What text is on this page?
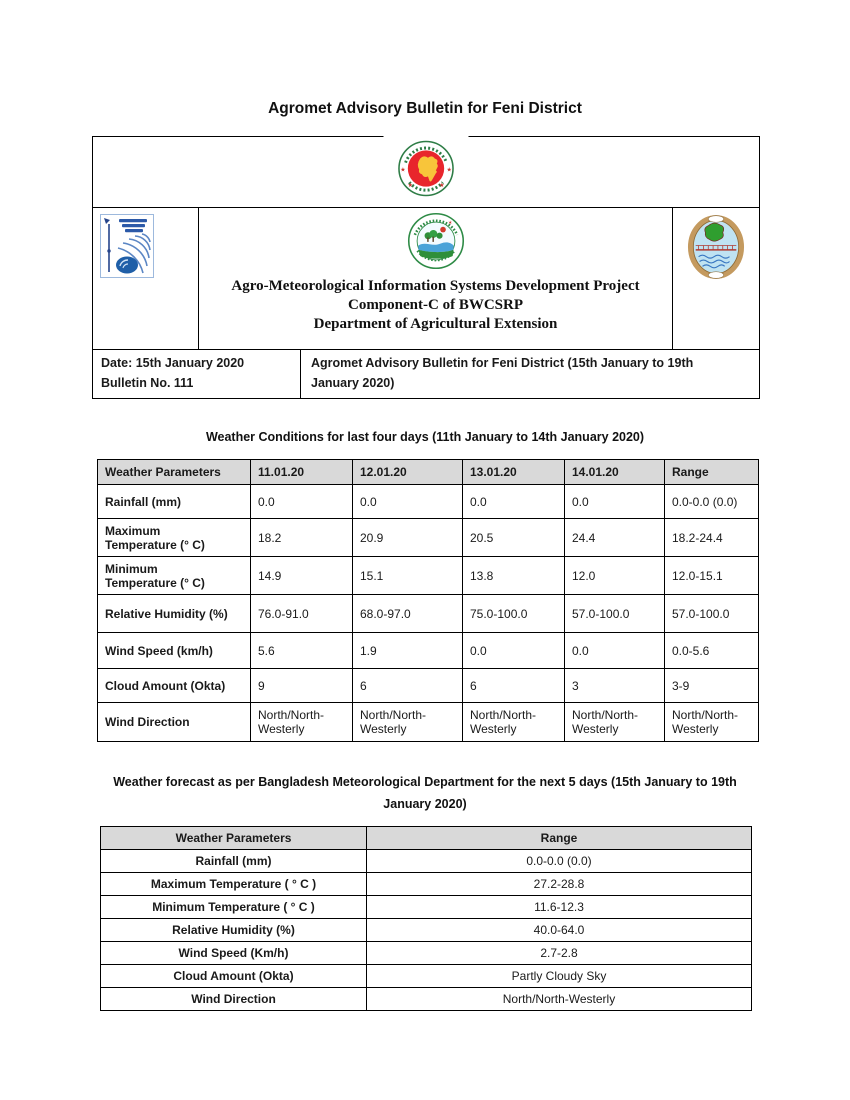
Agromet Advisory Bulletin for Feni District
★	★
★	★
✶
Agro-Meteorological Information Systems Development Project
Component-C of BWCSRP
Department of Agricultural Extension
Date: 15th January 2020
Bulletin No. 111
Agromet Advisory Bulletin for Feni District (15th January to 19th January 2020)
Weather Conditions for last four days (11th January to 14th January 2020)
Weather Parameters	11.01.20	12.01.20	13.01.20	14.01.20	Range
Rainfall (mm)	0.0	0.0	0.0	0.0	0.0-0.0 (0.0)
Maximum Temperature (° C)	18.2	20.9	20.5	24.4	18.2-24.4
Minimum Temperature (° C)	14.9	15.1	13.8	12.0	12.0-15.1
Relative Humidity (%)	76.0-91.0	68.0-97.0	75.0-100.0	57.0-100.0	57.0-100.0
Wind Speed (km/h)	5.6	1.9	0.0	0.0	0.0-5.6
Cloud Amount (Okta)	9	6	6	3	3-9
Wind Direction	North/North-Westerly	North/North-Westerly	North/North-Westerly	North/North-Westerly	North/North-Westerly
Weather forecast as per Bangladesh Meteorological Department for the next 5 days (15th January to 19th January 2020)
Weather Parameters	Range
Rainfall (mm)	0.0-0.0 (0.0)
Maximum Temperature ( ° C )	27.2-28.8
Minimum Temperature ( ° C )	11.6-12.3
Relative Humidity (%)	40.0-64.0
Wind Speed (Km/h)	2.7-2.8
Cloud Amount (Okta)	Partly Cloudy Sky
Wind Direction	North/North-Westerly
